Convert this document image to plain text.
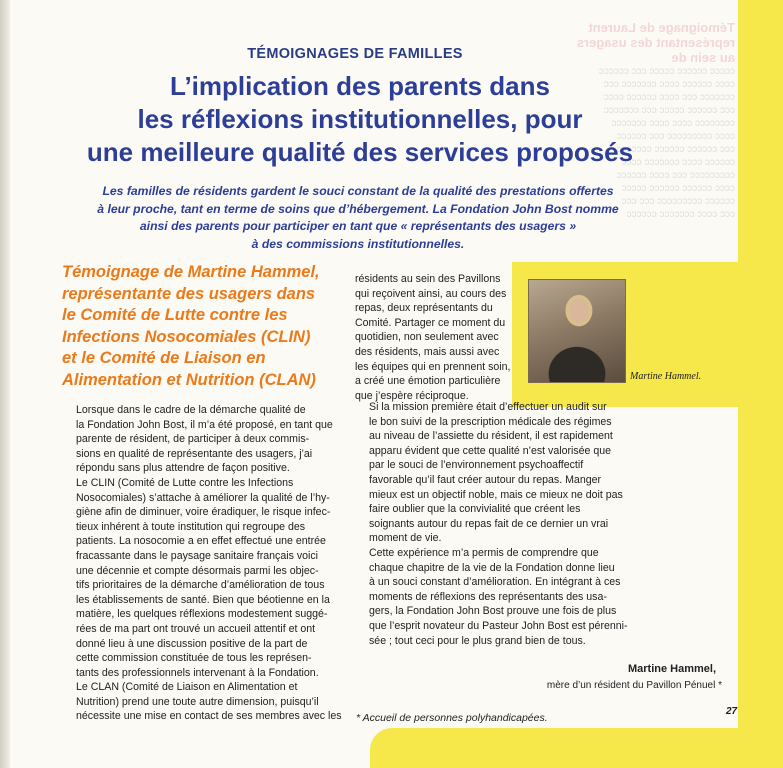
Témoignage de Laurent
représentant des usagers
au sein de
ccccc cccccc ccccc ccc cccccc
cccc cccccc cccc ccccccc ccc
ccccccc ccc cccc cccccc cccc
ccc cccccc ccccc ccc ccccccc
cccccccc cccc cccc ccccccc
cccc ccccccccc ccc cccccc
ccc cccccc cccccc ccccccc
cccccc cccc ccccccc cccc
ccccccccc ccc cccc cccccc
cccc cccccc cccccc ccccc
cccccc ccccccccc ccc ccc
ccc cccc ccccccc cccccc
TÉMOIGNAGES DE FAMILLES
L’implication des parents dans
les réflexions institutionnelles, pour
une meilleure qualité des services proposés
Les familles de résidents gardent le souci constant de la qualité des prestations offertes
à leur proche, tant en terme de soins que d’hébergement. La Fondation John Bost nomme
ainsi des parents pour participer en tant que « représentants des usagers »
à des commissions institutionnelles.
Témoignage de Martine Hammel,
représentante des usagers dans
le Comité de Lutte contre les
Infections Nosocomiales (CLIN)
et le Comité de Liaison en
Alimentation et Nutrition (CLAN)	Martine Hammel.

Lorsque dans le cadre de la démarche qualité de
la Fondation John Bost, il m’a été proposé, en tant que
parente de résident, de participer à deux commis-
sions en qualité de représentante des usagers, j’ai
répondu sans plus attendre de façon positive.

Le CLIN (Comité de Lutte contre les Infections
Nosocomiales) s’attache à améliorer la qualité de l’hy-
giène afin de diminuer, voire éradiquer, le risque infec-
tieux inhérent à toute institution qui regroupe des
patients. La nosocomie a en effet effectué une entrée
fracassante dans le paysage sanitaire français voici
une décennie et compte désormais parmi les objec-
tifs prioritaires de la démarche d’amélioration de tous
les établissements de santé. Bien que béotienne en la
matière, les quelques réflexions modestement suggé-
rées de ma part ont trouvé un accueil attentif et ont
donné lieu à une discussion positive de la part de
cette commission constituée de tous les représen-
tants des professionnels intervenant à la Fondation.

Le CLAN (Comité de Liaison en Alimentation et
Nutrition) prend une toute autre dimension, puisqu’il
nécessite une mise en contact de ses membres avec les

résidents au sein des Pavillons
qui reçoivent ainsi, au cours des
repas, deux représentants du
Comité. Partager ce moment du
quotidien, non seulement avec
des résidents, mais aussi avec
les équipes qui en prennent soin,
a créé une émotion particulière
que j’espère réciproque.

Si la mission première était d’effectuer un audit sur
le bon suivi de la prescription médicale des régimes
au niveau de l’assiette du résident, il est rapidement
apparu évident que cette qualité n’est valorisée que
par le souci de l’environnement psychoaffectif
favorable qu’il faut créer autour du repas. Manger
mieux est un objectif noble, mais ce mieux ne doit pas
faire oublier que la convivialité que créent les
soignants autour du repas fait de ce dernier un vrai
moment de vie.

Cette expérience m’a permis de comprendre que
chaque chapitre de la vie de la Fondation donne lieu
à un souci constant d’amélioration. En intégrant à ces
moments de réflexions des représentants des usa-
gers, la Fondation John Bost prouve une fois de plus
que l’esprit novateur du Pasteur John Bost est pérenni-
sée ; tout ceci pour le plus grand bien de tous.

Martine Hammel,
mère d’un résident du Pavillon Pénuel *
* Accueil de personnes polyhandicapées.
27
